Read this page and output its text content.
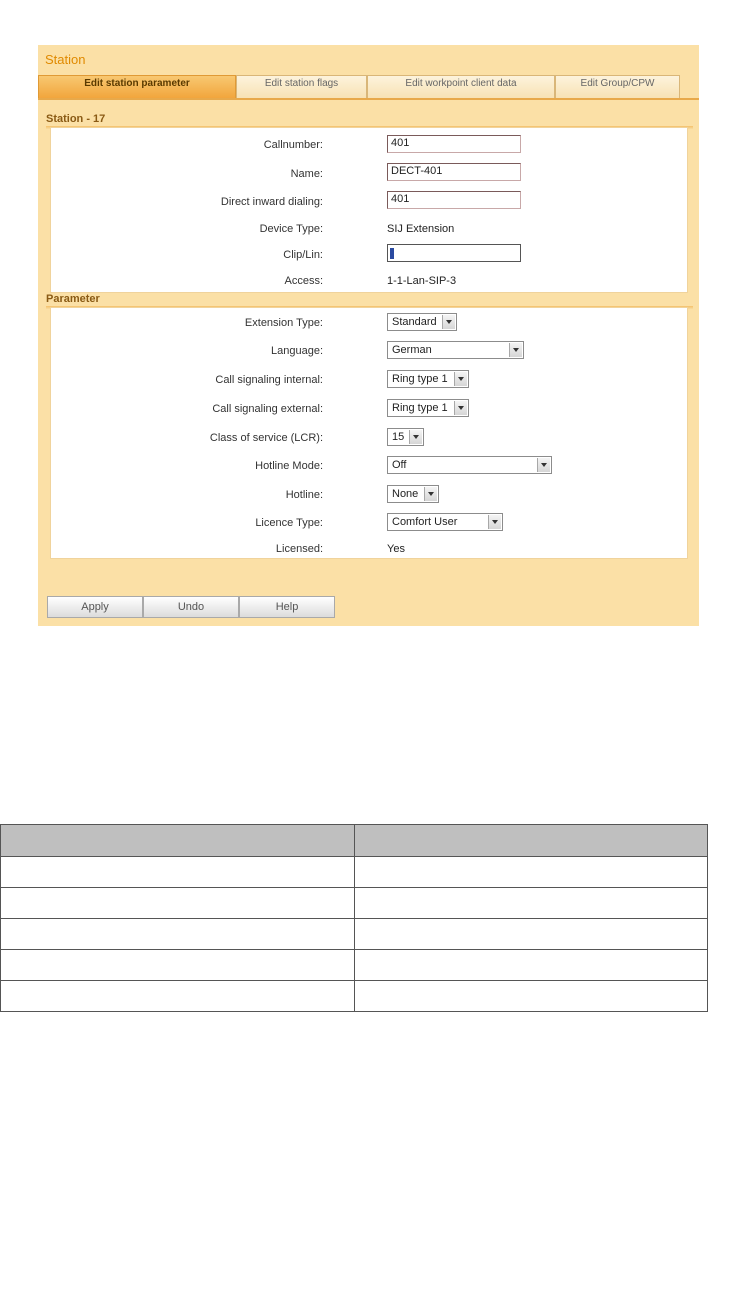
Station
Edit station parameter	Edit station flags	Edit workpoint client data	Edit Group/CPW
Station - 17
Callnumber:	401
Name:	DECT-401
Direct inward dialing:	401
Device Type:	SIJ Extension
Clip/Lin:
Access:	1-1-Lan-SIP-3
Parameter
Extension Type:	Standard
Language:	German
Call signaling internal:	Ring type 1
Call signaling external:	Ring type 1
Class of service (LCR):	15
Hotline Mode:	Off
Hotline:	None
Licence Type:	Comfort User
Licensed:	Yes
Apply	Undo	Help
